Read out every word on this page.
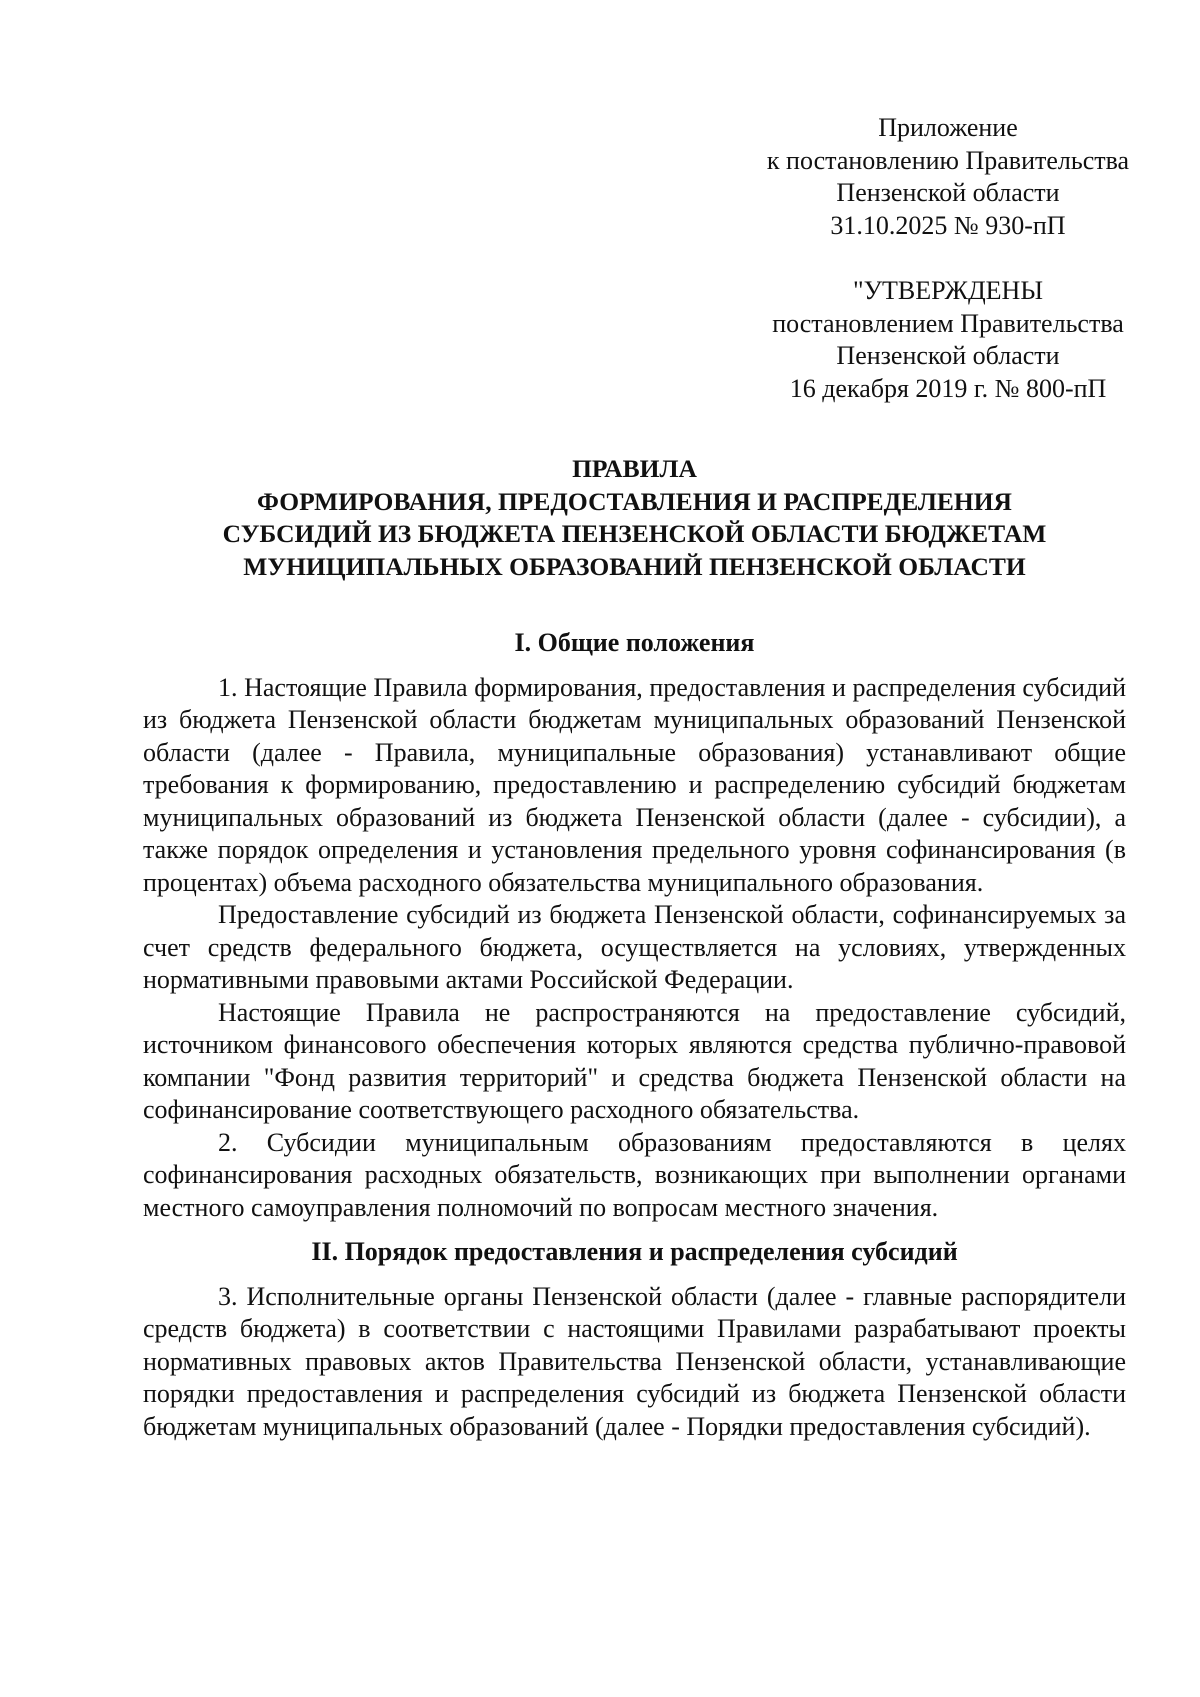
Приложение
к постановлению Правительства
Пензенской области
31.10.2025 № 930-пП
"УТВЕРЖДЕНЫ
постановлением Правительства
Пензенской области
16 декабря 2019 г. № 800-пП
ПРАВИЛА
ФОРМИРОВАНИЯ, ПРЕДОСТАВЛЕНИЯ И РАСПРЕДЕЛЕНИЯ
СУБСИДИЙ ИЗ БЮДЖЕТА ПЕНЗЕНСКОЙ ОБЛАСТИ БЮДЖЕТАМ
МУНИЦИПАЛЬНЫХ ОБРАЗОВАНИЙ ПЕНЗЕНСКОЙ ОБЛАСТИ
I. Общие положения

1. Настоящие Правила формирования, предоставления и распределения субсидий из бюджета Пензенской области бюджетам муниципальных образований Пензенской области (далее - Правила, муниципальные образования) устанавливают общие требования к формированию, предоставлению и распределению субсидий бюджетам муниципальных образований из бюджета Пензенской области (далее - субсидии), а также порядок определения и установления предельного уровня софинансирования (в процентах) объема расходного обязательства муниципального образования.

Предоставление субсидий из бюджета Пензенской области, софинансируемых за счет средств федерального бюджета, осуществляется на условиях, утвержденных нормативными правовыми актами Российской Федерации.

Настоящие Правила не распространяются на предоставление субсидий, источником финансового обеспечения которых являются средства публично-правовой компании "Фонд развития территорий" и средства бюджета Пензенской области на софинансирование соответствующего расходного обязательства.

2. Субсидии муниципальным образованиям предоставляются в целях софинансирования расходных обязательств, возникающих при выполнении органами местного самоуправления полномочий по вопросам местного значения.

II. Порядок предоставления и распределения субсидий

3. Исполнительные органы Пензенской области (далее - главные распорядители средств бюджета) в соответствии с настоящими Правилами разрабатывают проекты нормативных правовых актов Правительства Пензенской области, устанавливающие порядки предоставления и распределения субсидий из бюджета Пензенской области бюджетам муниципальных образований (далее - Порядки предоставления субсидий).
